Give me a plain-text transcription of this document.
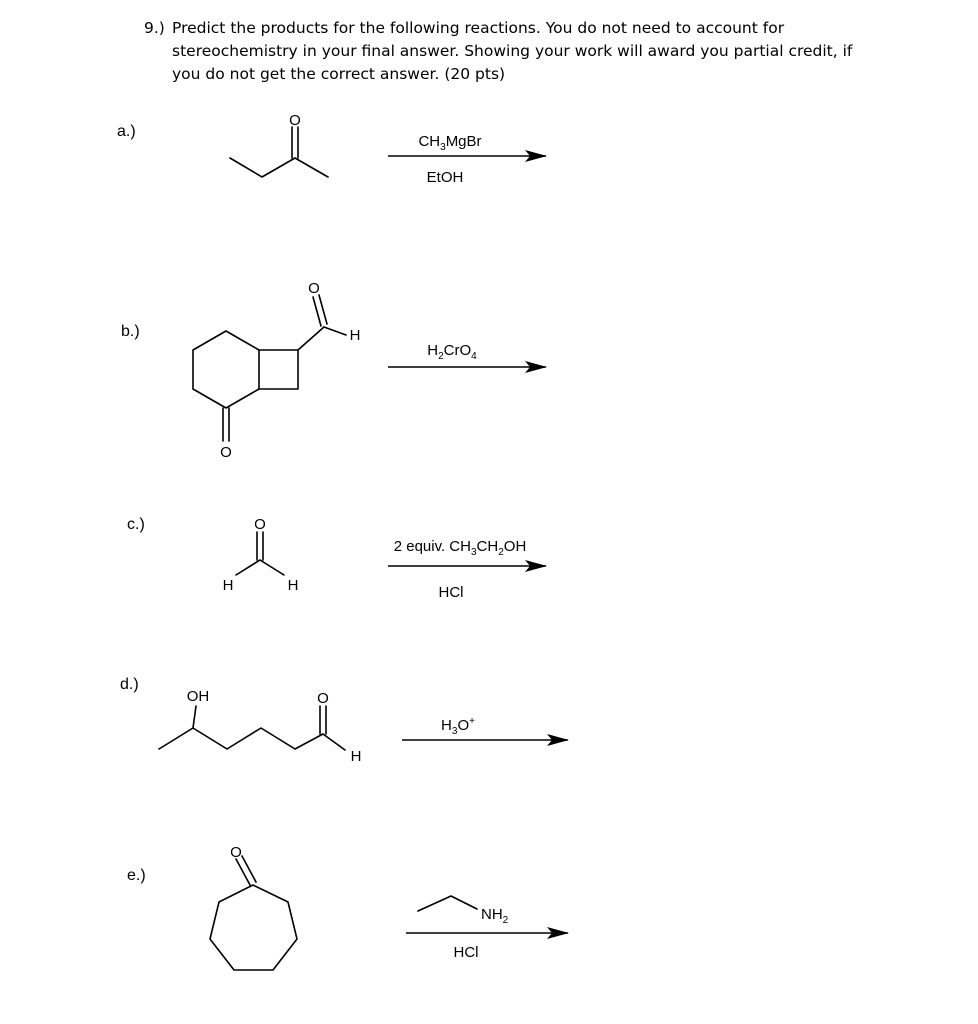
9.) Predict the products for the following reactions. You do not need to account for stereochemistry in your final answer. Showing your work will award you partial credit, if you do not get the correct answer. (20 pts)
a.)
b.)
c.)
d.)
e.)
O
$CH_3MgBr$
EtOH
O
H
O
$H_2CrO_4$
O
H	H
2 equiv. $CH_3CH_2OH$
HCl
OH	O
H
$H_3O^+$
O
$NH_2$
HCl
